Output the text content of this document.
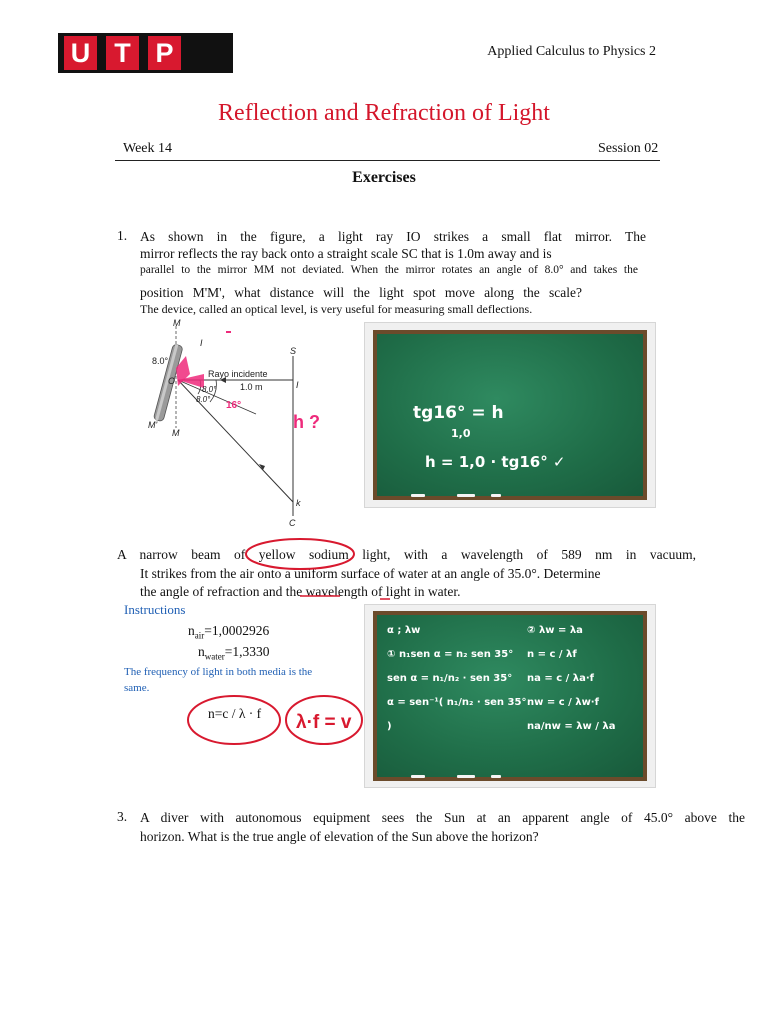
U T P	Applied Calculus to Physics 2
Reflection and Refraction of Light
Week 14	Session 02
Exercises
1. As shown in the figure, a light ray IO strikes a small flat mirror. The
mirror reflects the ray back onto a straight scale SC that is 1.0m away and is
parallel to the mirror MM not deviated. When the mirror rotates an angle of 8.0° and takes the
position M'M', what distance will the light spot move along the scale?
The device, called an optical level, is very useful for measuring small deflections.
8.0°
Rayo incidente
1.0 m
8.0°
8.0°
M
M
M'
I
O
S
C
k
I
h ?
16°	tg16° = h
1,0
h = 1,0 · tg16° ✓
A narrow beam of yellow sodium light, with a wavelength of 589 nm in vacuum,
It strikes from the air onto a uniform surface of water at an angle of 35.0°. Determine
the angle of refraction and the wavelength of light in water.
Instructions
$n_{air}=1,0002926$
$n_{water}=1,3330$
The frequency of light in both media is the same.
n=c / λ · f λ·f = v
α ; λw
① n₁sen α = n₂ sen 35°
sen α = n₁/n₂ · sen 35°
α = sen⁻¹( n₁/n₂ · sen 35° )
② λw = λa
n = c / λf
na = c / λa·f
nw = c / λw·f
na/nw = λw / λa
3. A diver with autonomous equipment sees the Sun at an apparent angle of 45.0° above the
horizon. What is the true angle of elevation of the Sun above the horizon?
